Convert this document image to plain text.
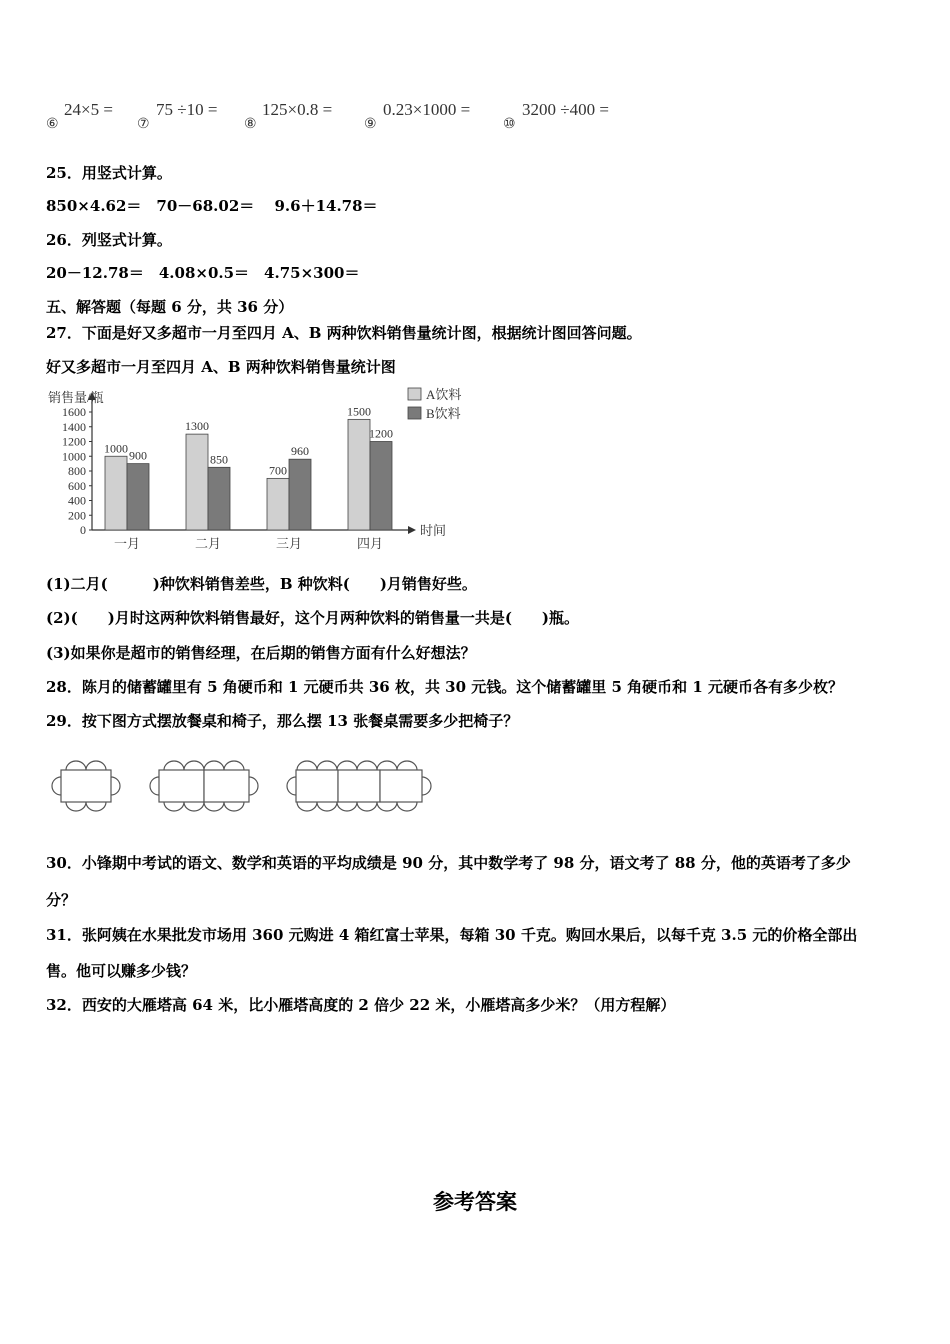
⑥
24×5 =
⑦
75 ÷10 =
⑧
125×0.8 =
⑨
0.23×1000 =
⑩
3200 ÷400 =
25．用竖式计算。
850×4.62＝　70－68.02＝　 9.6＋14.78＝
26．列竖式计算。
20－12.78＝　4.08×0.5＝　4.75×300＝
五、解答题（每题 6 分，共 36 分）
27．下面是好又多超市一月至四月 A、B 两种饮料销售量统计图，根据统计图回答问题。
好又多超市一月至四月 A、B 两种饮料销售量统计图
销售量/瓶
时间
0
200
400
600
800
1000
1200
1400
1600
1000
900
一月
1300
850
二月
700
960
三月
1500
1200
四月
A饮料
B饮料
(1)二月(　　　)种饮料销售差些，B 种饮料(　　)月销售好些。
(2)(　　)月时这两种饮料销售最好，这个月两种饮料的销售量一共是(　　)瓶。
(3)如果你是超市的销售经理，在后期的销售方面有什么好想法？
28．陈月的储蓄罐里有 5 角硬币和 1 元硬币共 36 枚，共 30 元钱。这个储蓄罐里 5 角硬币和 1 元硬币各有多少枚？
29．按下图方式摆放餐桌和椅子，那么摆 13 张餐桌需要多少把椅子？
30．小锋期中考试的语文、数学和英语的平均成绩是 90 分，其中数学考了 98 分，语文考了 88 分，他的英语考了多少
分？
31．张阿姨在水果批发市场用 360 元购进 4 箱红富士苹果，每箱 30 千克。购回水果后，以每千克 3.5 元的价格全部出
售。他可以赚多少钱？
32．西安的大雁塔高 64 米，比小雁塔高度的 2 倍少 22 米，小雁塔高多少米？（用方程解）
参考答案
